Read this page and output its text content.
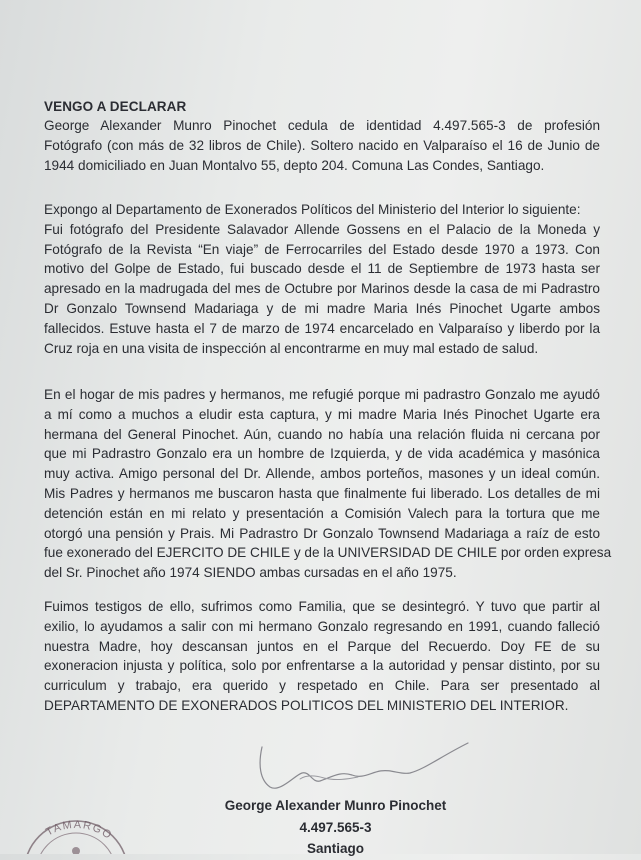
VENGO A DECLARAR
George Alexander Munro Pinochet cedula de identidad 4.497.565-3 de profesión
Fotógrafo (con más de 32 libros de Chile). Soltero nacido en Valparaíso el 16 de Junio de
1944 domiciliado en Juan Montalvo 55, depto 204. Comuna Las Condes, Santiago.
Expongo al Departamento de Exonerados Políticos del Ministerio del Interior lo siguiente:
Fui fotógrafo del Presidente Salavador Allende Gossens en el Palacio de la Moneda y
Fotógrafo de la Revista “En viaje” de Ferrocarriles del Estado desde 1970 a 1973. Con
motivo del Golpe de Estado, fui buscado desde el 11 de Septiembre de 1973 hasta ser
apresado en la madrugada del mes de Octubre por Marinos desde la casa de mi Padrastro
Dr Gonzalo Townsend Madariaga y de mi madre Maria Inés Pinochet Ugarte ambos
fallecidos. Estuve hasta el 7 de marzo de 1974 encarcelado en Valparaíso y liberdo por la
Cruz roja en una visita de inspección al encontrarme en muy mal estado de salud.
En el hogar de mis padres y hermanos, me refugié porque mi padrastro Gonzalo me ayudó
a mí como a muchos a eludir esta captura, y mi madre Maria Inés Pinochet Ugarte era
hermana del General Pinochet. Aún, cuando no había una relación fluida ni cercana por
que mi Padrastro Gonzalo era un hombre de Izquierda, y de vida académica y masónica
muy activa. Amigo personal del Dr. Allende, ambos porteños, masones y un ideal común.
Mis Padres y hermanos me buscaron hasta que finalmente fui liberado. Los detalles de mi
detención están en mi relato y presentación a Comisión Valech para la tortura que me
otorgó una pensión y Prais. Mi Padrastro Dr Gonzalo Townsend Madariaga a raíz de esto
fue exonerado del EJERCITO DE CHILE y de la UNIVERSIDAD DE CHILE por orden expresa
del Sr. Pinochet año 1974 SIENDO ambas cursadas en el año 1975.
Fuimos testigos de ello, sufrimos como Familia, que se desintegró. Y tuvo que partir al
exilio, lo ayudamos a salir con mi hermano Gonzalo regresando en 1991, cuando falleció
nuestra Madre, hoy descansan juntos en el Parque del Recuerdo. Doy FE de su
exoneracion injusta y política, solo por enfrentarse a la autoridad y pensar distinto, por su
curriculum y trabajo, era querido y respetado en Chile. Para ser presentado al
DEPARTAMENTO DE EXONERADOS POLITICOS DEL MINISTERIO DEL INTERIOR.
George Alexander Munro Pinochet
4.497.565-3
Santiago
TAMARGO
